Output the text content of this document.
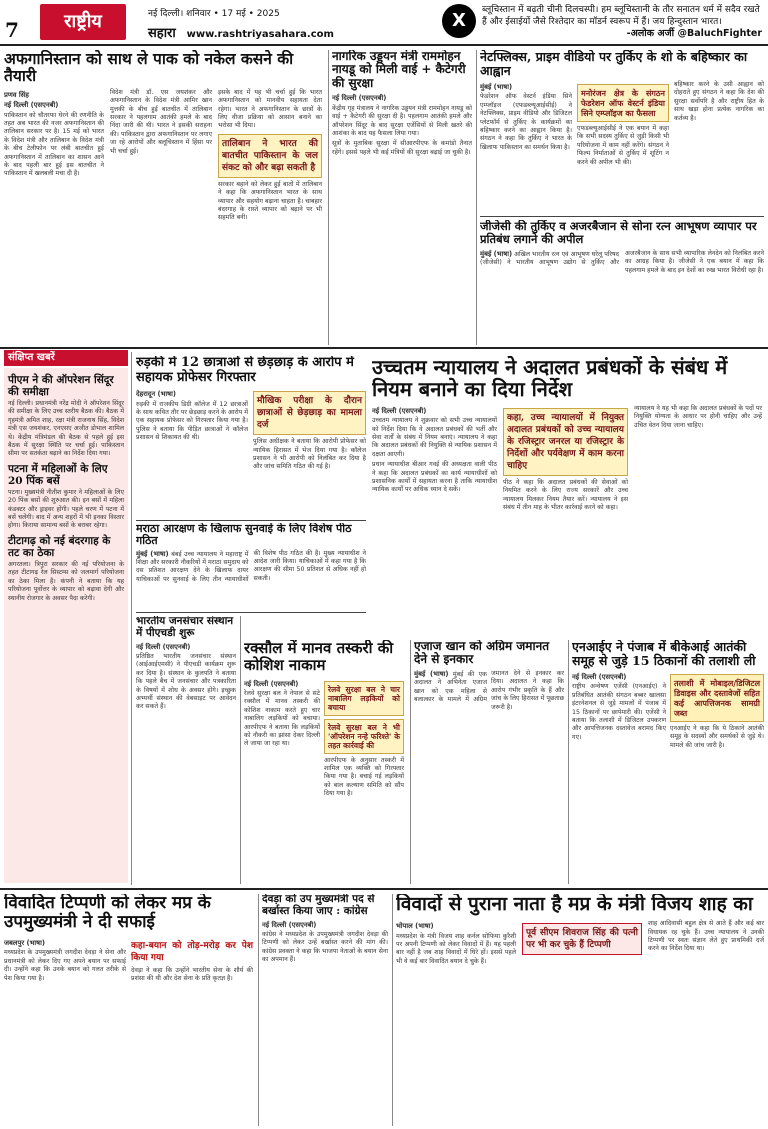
7	राष्ट्रीय	नई दिल्ली। शनिवार • 17 मई • 2025
सहारा www.rashtriyasahara.com
X	ब्लूचिस्तान में बढ़ती चीनी दिलचस्पी। हम ब्लूचिस्तानी के तौर सनातन धर्म में सदैव रखते हैं और ईसाईयों जैसे रिश्तेदार का मॉडर्न स्वरूप में हैं। जय हिन्दुस्तान भारत।
-अलोक अर्जी @BaluchFighter
अफगानिस्तान को साथ ले पाक को नकेल कसने की तैयारी
प्रणव सिंह
नई दिल्ली (एसएनबी)

पाकिस्तान को चौतरफा घेरने की रणनीति के तहत अब भारत की नजर अफगानिस्तान की तालिबान सरकार पर है। 15 मई को भारत के विदेश मंत्री और तालिबान के विदेश मंत्री के बीच टेलीफोन पर लंबी बातचीत हुई अफगानिस्तान में तालिबान का शासन आने के बाद पहली बार हुई इस बातचीत ने पाकिस्तान में खलबली मचा दी है।

विदेश मंत्री डॉ. एस जयशंकर और अफगानिस्तान के विदेश मंत्री आमिर खान मुत्तकी के बीच हुई बातचीत में तालिबान सरकार ने पहलगाम आतंकी हमले के बाद निंदा जारी की थी। भारत ने इसकी सराहना की। पाकिस्तान द्वारा अफगानिस्तान पर लगाए जा रहे आरोपों और बलूचिस्तान में हिंसा पर भी चर्चा हुई।

इसके बाद में यह भी चर्चा हुई कि भारत अफगानिस्तान को मानवीय सहायता देता रहेगा। भारत ने अफगानिस्तान के छात्रों के लिए वीजा प्रक्रिया को आसान बनाने का भरोसा भी दिया।

तालिबान ने भारत की बातचीत पाकिस्तान के जल संकट को और बढ़ा सकती है

सरकार बहाने को लेकर हुई बातों में तालिबान ने कहा कि अफगानिस्तान भारत के साथ व्यापार और सहयोग बढ़ाना चाहता है। चाबहार बंदरगाह के रास्ते व्यापार को बढ़ाने पर भी सहमति बनी।

नागरिक उड्डयन मंत्री राममोहन नायडू को मिली वाई + कैटेगरी की सुरक्षा
नई दिल्ली (एसएनबी)

केंद्रीय गृह मंत्रालय ने नागरिक उड्डयन मंत्री राममोहन नायडू को वाई + कैटेगरी की सुरक्षा दी है। पहलगाम आतंकी हमले और ऑपरेशन सिंदूर के बाद सुरक्षा एजेंसियों से मिली खतरे की आशंका के बाद यह फैसला लिया गया।

सूत्रों के मुताबिक सुरक्षा में सीआरपीएफ के कमांडो तैनात रहेंगे। इससे पहले भी कई मंत्रियों की सुरक्षा बढ़ाई जा चुकी है।

नेटफ्लिक्स, प्राइम वीडियो पर तुर्किए के शो के बहिष्कार का आह्वान
मुंबई (भाषा)

फेडरेशन ऑफ वेस्टर्न इंडिया सिने एम्प्लॉइज (एफडब्ल्यूआईसीई) ने नेटफ्लिक्स, प्राइम वीडियो और डिजिटल प्लेटफॉर्म से तुर्किए के कार्यक्रमों का बहिष्कार करने का आह्वान किया है। संगठन ने कहा कि तुर्किए ने भारत के खिलाफ पाकिस्तान का समर्थन किया है।

मनोरंजन क्षेत्र के संगठन फेडरेशन ऑफ वेस्टर्न इंडिया सिने एम्प्लॉइज का फैसला

एफडब्ल्यूआईसीई ने एक बयान में कहा कि सभी सदस्य तुर्किए से जुड़ी किसी भी परियोजना में काम नहीं करेंगे। संगठन ने फिल्म निर्माताओं से तुर्किए में शूटिंग न करने की अपील भी की।

बहिष्कार करने के उसी आह्वान को दोहराते हुए संगठन ने कहा कि देश की सुरक्षा सर्वोपरि है और राष्ट्रीय हित के साथ खड़ा होना प्रत्येक नागरिक का कर्तव्य है।

जीजेसी की तुर्किए व अजरबैजान से सोना रत्न आभूषण व्यापार पर प्रतिबंध लगाने की अपील
मुंबई (भाषा) अखिल भारतीय रत्न एवं आभूषण घरेलू परिषद (जीजेसी) ने भारतीय आभूषण उद्योग से तुर्किए और अजरबैजान के साथ सभी व्यापारिक लेनदेन को निलंबित करने का आग्रह किया है। जीजेसी ने एक बयान में कहा कि पहलगाम हमले के बाद इन देशों का रुख भारत विरोधी रहा है।
संक्षिप्त खबरें
पीएम ने की ऑपरेशन सिंदूर की समीक्षा
नई दिल्ली। प्रधानमंत्री नरेंद्र मोदी ने ऑपरेशन सिंदूर की समीक्षा के लिए उच्च स्तरीय बैठक की। बैठक में गृहमंत्री अमित शाह, रक्षा मंत्री राजनाथ सिंह, विदेश मंत्री एस जयशंकर, एनएसए अजीत डोभाल शामिल थे। केंद्रीय मंत्रिमंडल की बैठक से पहले हुई इस बैठक में सुरक्षा स्थिति पर चर्चा हुई। पाकिस्तान सीमा पर सतर्कता बढ़ाने का निर्देश दिया गया।
पटना में महिलाओं के लिए 20 पिंक बसें
पटना। मुख्यमंत्री नीतीश कुमार ने महिलाओं के लिए 20 पिंक बसों की शुरुआत की। इन बसों में महिला कंडक्टर और ड्राइवर होंगी। पहले चरण में पटना में बसें चलेंगी। बाद में अन्य शहरों में भी इनका विस्तार होगा। किराया सामान्य बसों के बराबर रहेगा।
टीटागढ़ को नई बंदरगाह के तट का ठेका
अगरतला। त्रिपुरा सरकार की नई परियोजना के तहत टीटागढ़ रेल सिस्टम्स को जलमार्ग परियोजना का ठेका मिला है। कंपनी ने बताया कि यह परियोजना पूर्वोत्तर के व्यापार को बढ़ावा देगी और स्थानीय रोजगार के अवसर पैदा करेगी।
रुड़की में 12 छात्राओं से छेड़छाड़ के आरोप में सहायक प्रोफेसर गिरफ्तार
देहरादून (भाषा)

रुड़की में राजकीय डिग्री कॉलेज में 12 छात्राओं के साथ कथित तौर पर छेड़छाड़ करने के आरोप में एक सहायक प्रोफेसर को गिरफ्तार किया गया है। पुलिस ने बताया कि पीड़ित छात्राओं ने कॉलेज प्रशासन से शिकायत की थी।

मौखिक परीक्षा के दौरान छात्राओं से छेड़छाड़ का मामला दर्ज

पुलिस अधीक्षक ने बताया कि आरोपी प्रोफेसर को न्यायिक हिरासत में भेज दिया गया है। कॉलेज प्रशासन ने भी आरोपी को निलंबित कर दिया है और जांच समिति गठित की गई है।

उच्चतम न्यायालय ने अदालत प्रबंधकों के संबंध में नियम बनाने का दिया निर्देश
नई दिल्ली (एसएनबी)

उच्चतम न्यायालय ने शुक्रवार को सभी उच्च न्यायालयों को निर्देश दिया कि वे अदालत प्रबंधकों की भर्ती और सेवा शर्तों के संबंध में नियम बनाएं। न्यायालय ने कहा कि अदालत प्रबंधकों की नियुक्ति से न्यायिक प्रशासन में दक्षता आएगी।

प्रधान न्यायाधीश बीआर गवई की अध्यक्षता वाली पीठ ने कहा कि अदालत प्रबंधकों का कार्य न्यायाधीशों को प्रशासनिक कार्यों में सहायता करना है ताकि न्यायाधीश न्यायिक कार्यों पर अधिक ध्यान दे सकें।

कहा, उच्च न्यायालयों में नियुक्त अदालत प्रबंधकों को उच्च न्यायालय के रजिस्ट्रार जनरल या रजिस्ट्रार के निर्देशों और पर्यवेक्षण में काम करना चाहिए

पीठ ने कहा कि अदालत प्रबंधकों की सेवाओं को नियमित करने के लिए राज्य सरकारें और उच्च न्यायालय मिलकर नियम तैयार करें। न्यायालय ने इस संबंध में तीन माह के भीतर कार्रवाई करने को कहा।

न्यायालय ने यह भी कहा कि अदालत प्रबंधकों के पदों पर नियुक्ति योग्यता के आधार पर होनी चाहिए और उन्हें उचित वेतन दिया जाना चाहिए।

मराठा आरक्षण के खिलाफ सुनवाई के लिए विशेष पीठ गठित
मुंबई (भाषा) बंबई उच्च न्यायालय ने महाराष्ट्र में शिक्षा और सरकारी नौकरियों में मराठा समुदाय को दस प्रतिशत आरक्षण देने के खिलाफ दायर याचिकाओं पर सुनवाई के लिए तीन न्यायाधीशों की विशेष पीठ गठित की है। मुख्य न्यायाधीश ने आदेश जारी किया। याचिकाओं में कहा गया है कि आरक्षण की सीमा 50 प्रतिशत से अधिक नहीं हो सकती।
भारतीय जनसंचार संस्थान में पीएचडी शुरू
नई दिल्ली (एसएनबी)

प्रतिष्ठित भारतीय जनसंचार संस्थान (आईआईएमसी) ने पीएचडी कार्यक्रम शुरू कर दिया है। संस्थान के कुलपति ने बताया कि पहले बैच में जनसंचार और पत्रकारिता के विषयों में शोध के अवसर होंगे। इच्छुक अभ्यर्थी संस्थान की वेबसाइट पर आवेदन कर सकते हैं।

रक्सौल में मानव तस्करी की कोशिश नाकाम
नई दिल्ली (एसएनबी)

रेलवे सुरक्षा बल ने नेपाल से सटे रक्सौल में मानव तस्करी की कोशिश नाकाम करते हुए चार नाबालिग लड़कियों को बचाया। आरपीएफ ने बताया कि लड़कियों को नौकरी का झांसा देकर दिल्ली ले जाया जा रहा था।

रेलवे सुरक्षा बल ने चार नाबालिग लड़कियों को बचाया
रेलवे सुरक्षा बल ने भी 'ऑपरेशन नन्हे फरिश्ते' के तहत कार्रवाई की

आरपीएफ के अनुसार तस्करी में शामिल एक व्यक्ति को गिरफ्तार किया गया है। बचाई गई लड़कियों को बाल कल्याण समिति को सौंप दिया गया है।

एजाज खान को अग्रिम जमानत देने से इनकार
मुंबई (भाषा) मुंबई की एक अदालत ने अभिनेता एजाज खान को एक महिला से बलात्कार के मामले में अग्रिम जमानत देने से इनकार कर दिया। अदालत ने कहा कि आरोप गंभीर प्रकृति के हैं और जांच के लिए हिरासत में पूछताछ जरूरी है।
एनआईए ने पंजाब में बीकेआई आतंकी समूह से जुड़े 15 ठिकानों की तलाशी ली
नई दिल्ली (एसएनबी)

राष्ट्रीय अन्वेषण एजेंसी (एनआईए) ने प्रतिबंधित आतंकी संगठन बब्बर खालसा इंटरनेशनल से जुड़े मामलों में पंजाब में 15 ठिकानों पर छापेमारी की। एजेंसी ने बताया कि तलाशी में डिजिटल उपकरण और आपत्तिजनक दस्तावेज बरामद किए गए।

तलाशी में मोबाइल/डिजिटल डिवाइस और दस्तावेजों सहित कई आपत्तिजनक सामग्री जब्त

एनआईए ने कहा कि ये ठिकाने आतंकी समूह के सदस्यों और समर्थकों से जुड़े थे। मामले की जांच जारी है।

विवादित टिप्पणी को लेकर मप्र के उपमुख्यमंत्री ने दी सफाई
जबलपुर (भाषा)

मध्यप्रदेश के उपमुख्यमंत्री जगदीश देवड़ा ने सेना और प्रधानमंत्री को लेकर दिए गए अपने बयान पर सफाई दी। उन्होंने कहा कि उनके बयान को गलत तरीके से पेश किया गया है।

कहा-बयान को तोड़-मरोड़ कर पेश किया गया

देवड़ा ने कहा कि उन्होंने भारतीय सेना के शौर्य की प्रशंसा की थी और देश सेना के प्रति कृतज्ञ है।

देवड़ा को उप मुख्यमंत्री पद से बर्खास्त किया जाए : कांग्रेस
नई दिल्ली (एसएनबी)

कांग्रेस ने मध्यप्रदेश के उपमुख्यमंत्री जगदीश देवड़ा की टिप्पणी को लेकर उन्हें बर्खास्त करने की मांग की। कांग्रेस प्रवक्ता ने कहा कि भाजपा नेताओं के बयान सेना का अपमान हैं।

विवादों से पुराना नाता है मप्र के मंत्री विजय शाह का
भोपाल (भाषा)

मध्यप्रदेश के मंत्री विजय शाह कर्नल सोफिया कुरैशी पर अपनी टिप्पणी को लेकर विवादों में हैं। यह पहली बार नहीं है जब शाह विवादों में घिरे हों। इससे पहले भी वे कई बार विवादित बयान दे चुके हैं।

पूर्व सीएम शिवराज सिंह की पत्नी पर भी कर चुके हैं टिप्पणी

शाह आदिवासी बहुल क्षेत्र से आते हैं और कई बार विधायक रह चुके हैं। उच्च न्यायालय ने उनकी टिप्पणी पर स्वतः संज्ञान लेते हुए प्राथमिकी दर्ज करने का निर्देश दिया था।
